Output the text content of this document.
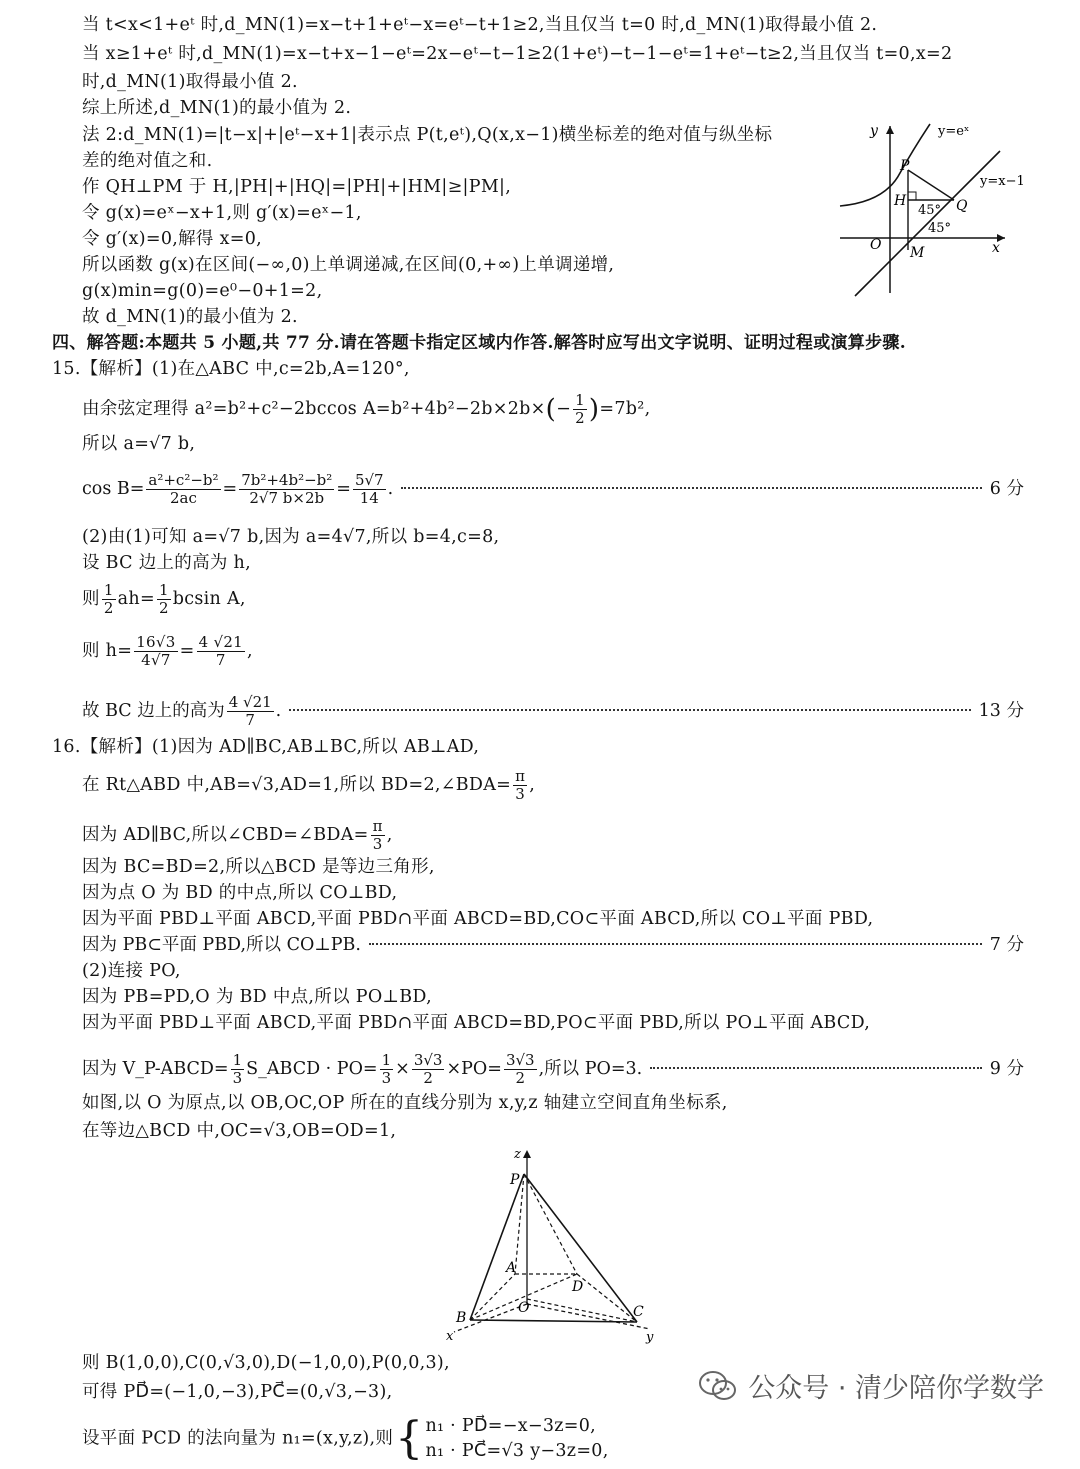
当 t<x<1+eᵗ 时,d_MN(1)=x−t+1+eᵗ−x=eᵗ−t+1≥2,当且仅当 t=0 时,d_MN(1)取得最小值 2.
当 x≥1+eᵗ 时,d_MN(1)=x−t+x−1−eᵗ=2x−eᵗ−t−1≥2(1+eᵗ)−t−1−eᵗ=1+eᵗ−t≥2,当且仅当 t=0,x=2
时,d_MN(1)取得最小值 2.
综上所述,d_MN(1)的最小值为 2.
法 2:d_MN(1)=|t−x|+|eᵗ−x+1|表示点 P(t,eᵗ),Q(x,x−1)横坐标差的绝对值与纵坐标
差的绝对值之和.
作 QH⊥PM 于 H,|PH|+|HQ|=|PH|+|HM|≥|PM|,
令 g(x)=eˣ−x+1,则 g′(x)=eˣ−1,
令 g′(x)=0,解得 x=0,
所以函数 g(x)在区间(−∞,0)上单调递减,在区间(0,+∞)上单调递增,
g(x)min=g(0)=e⁰−0+1=2,
故 d_MN(1)的最小值为 2.
y
x
O
y=eˣ
y=x−1
P
H	Q
M
45°
45°
四、解答题:本题共 5 小题,共 77 分.请在答题卡指定区域内作答.解答时应写出文字说明、证明过程或演算步骤.
15.【解析】(1)在△ABC 中,c=2b,A=120°,
由余弦定理得 a²=b²+c²−2bccos $A=b^2+4b^2-2b\times 2b\times(- \frac{1}{2} )=7b^2$,
所以 a=√7 b,
$\cos B= \frac{\text{a²+c²−b²}}{2ac} = \frac{\text{7b²+4b²−b²}}{2√7 b\times 2b} = \frac{5√7}{14}$ .	6 分
(2)由(1)可知 a=√7 b,因为 a=4√7,所以 b=4,c=8,
设 BC 边上的高为 h,
则 $\frac{1}{2} ah= \frac{1}{2}$ bcsin A,
则 $h= \frac{16√3}{4√7} = \frac{4 √21}{7}$ ,
故 BC 边上的高为 $\frac{4 √21}{7}$ .	13 分
16.【解析】(1)因为 AD∥BC,AB⊥BC,所以 AB⊥AD,
在 Rt△ABD 中,AB=√3,AD=1,所以 BD=2,∠BDA= $\frac{\pi}{3}$ ,
因为 AD∥BC,所以∠CBD=∠BDA= $\frac{\pi}{3}$ ,
因为 BC=BD=2,所以△BCD 是等边三角形,
因为点 O 为 BD 的中点,所以 CO⊥BD,
因为平面 PBD⊥平面 ABCD,平面 PBD∩平面 ABCD=BD,CO⊂平面 ABCD,所以 CO⊥平面 PBD,
因为 PB⊂平面 PBD,所以 CO⊥PB.	7 分
(2)连接 PO,
因为 PB=PD,O 为 BD 中点,所以 PO⊥BD,
因为平面 PBD⊥平面 ABCD,平面 PBD∩平面 ABCD=BD,PO⊂平面 PBD,所以 PO⊥平面 ABCD,
因为 V_P-ABCD= $\frac{1}{3}$ S_ABCD · $PO= \frac{1}{3} \times \frac{3√3}{2} \times PO= \frac{3√3}{2}$ ,所以 PO=3.	9 分
如图,以 O 为原点,以 OB,OC,OP 所在的直线分别为 x,y,z 轴建立空间直角坐标系,
在等边△BCD 中,OC=√3,OB=OD=1,
z
P
A
D
O
B	C
x	y
则 B(1,0,0),C(0,√3,0),D(−1,0,0),P(0,0,3),
可得 PD⃗=(−1,0,−3),PC⃗=(0,√3,−3),
设平面 PCD 的法向量为 n₁=(x,y,z),则{ n₁ · PD⃗=−x−3z=0,
n₁ · PC⃗=√3 y−3z=0,
公众号 · 清少陪你学数学
